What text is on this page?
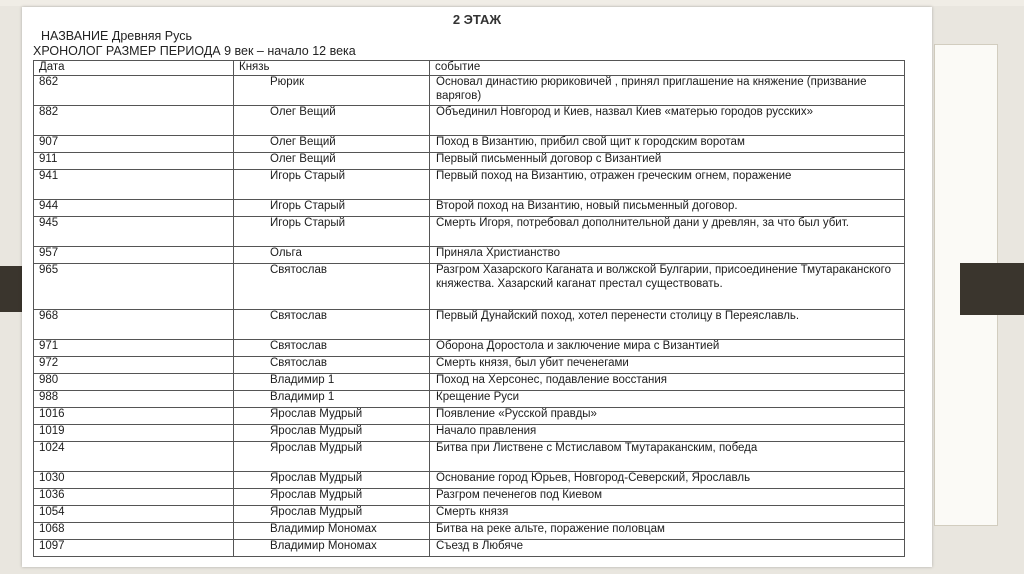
2 ЭТАЖ
НАЗВАНИЕ Древняя Русь
ХРОНОЛОГ РАЗМЕР ПЕРИОДА 9 век – начало 12 века
Дата	Князь	событие
862	Рюрик	Основал династию рюриковичей , принял приглашение на княжение (призвание варягов)
882	Олег Вещий	Объединил Новгород и Киев, назвал Киев «матерью городов русских»
907	Олег Вещий	Поход в Византию, прибил свой щит к городским воротам
911	Олег Вещий	Первый письменный договор с Византией
941	Игорь Старый	Первый поход на Византию, отражен греческим огнем, поражение
944	Игорь Старый	Второй поход на Византию, новый письменный договор.
945	Игорь Старый	Смерть Игоря, потребовал дополнительной дани у древлян, за что был убит.
957	Ольга	Приняла Христианство
965	Святослав	Разгром Хазарского Каганата и волжской Булгарии, присоединение Тмутараканского княжества. Хазарский каганат престал существовать.
968	Святослав	Первый Дунайский поход, хотел перенести столицу в Переяславль.
971	Святослав	Оборона Доростола и заключение мира с Византией
972	Святослав	Смерть князя, был убит печенегами
980	Владимир 1	Поход на Херсонес, подавление восстания
988	Владимир 1	Крещение Руси
1016	Ярослав Мудрый	Появление «Русской правды»
1019	Ярослав Мудрый	Начало правления
1024	Ярослав Мудрый	Битва при Листвене с Мстиславом Тмутараканским, победа
1030	Ярослав Мудрый	Основание город Юрьев, Новгород-Северский, Ярославль
1036	Ярослав Мудрый	Разгром печенегов под Киевом
1054	Ярослав Мудрый	Смерть князя
1068	Владимир Мономах	Битва на реке альте, поражение половцам
1097	Владимир Мономах	Съезд в Любяче
